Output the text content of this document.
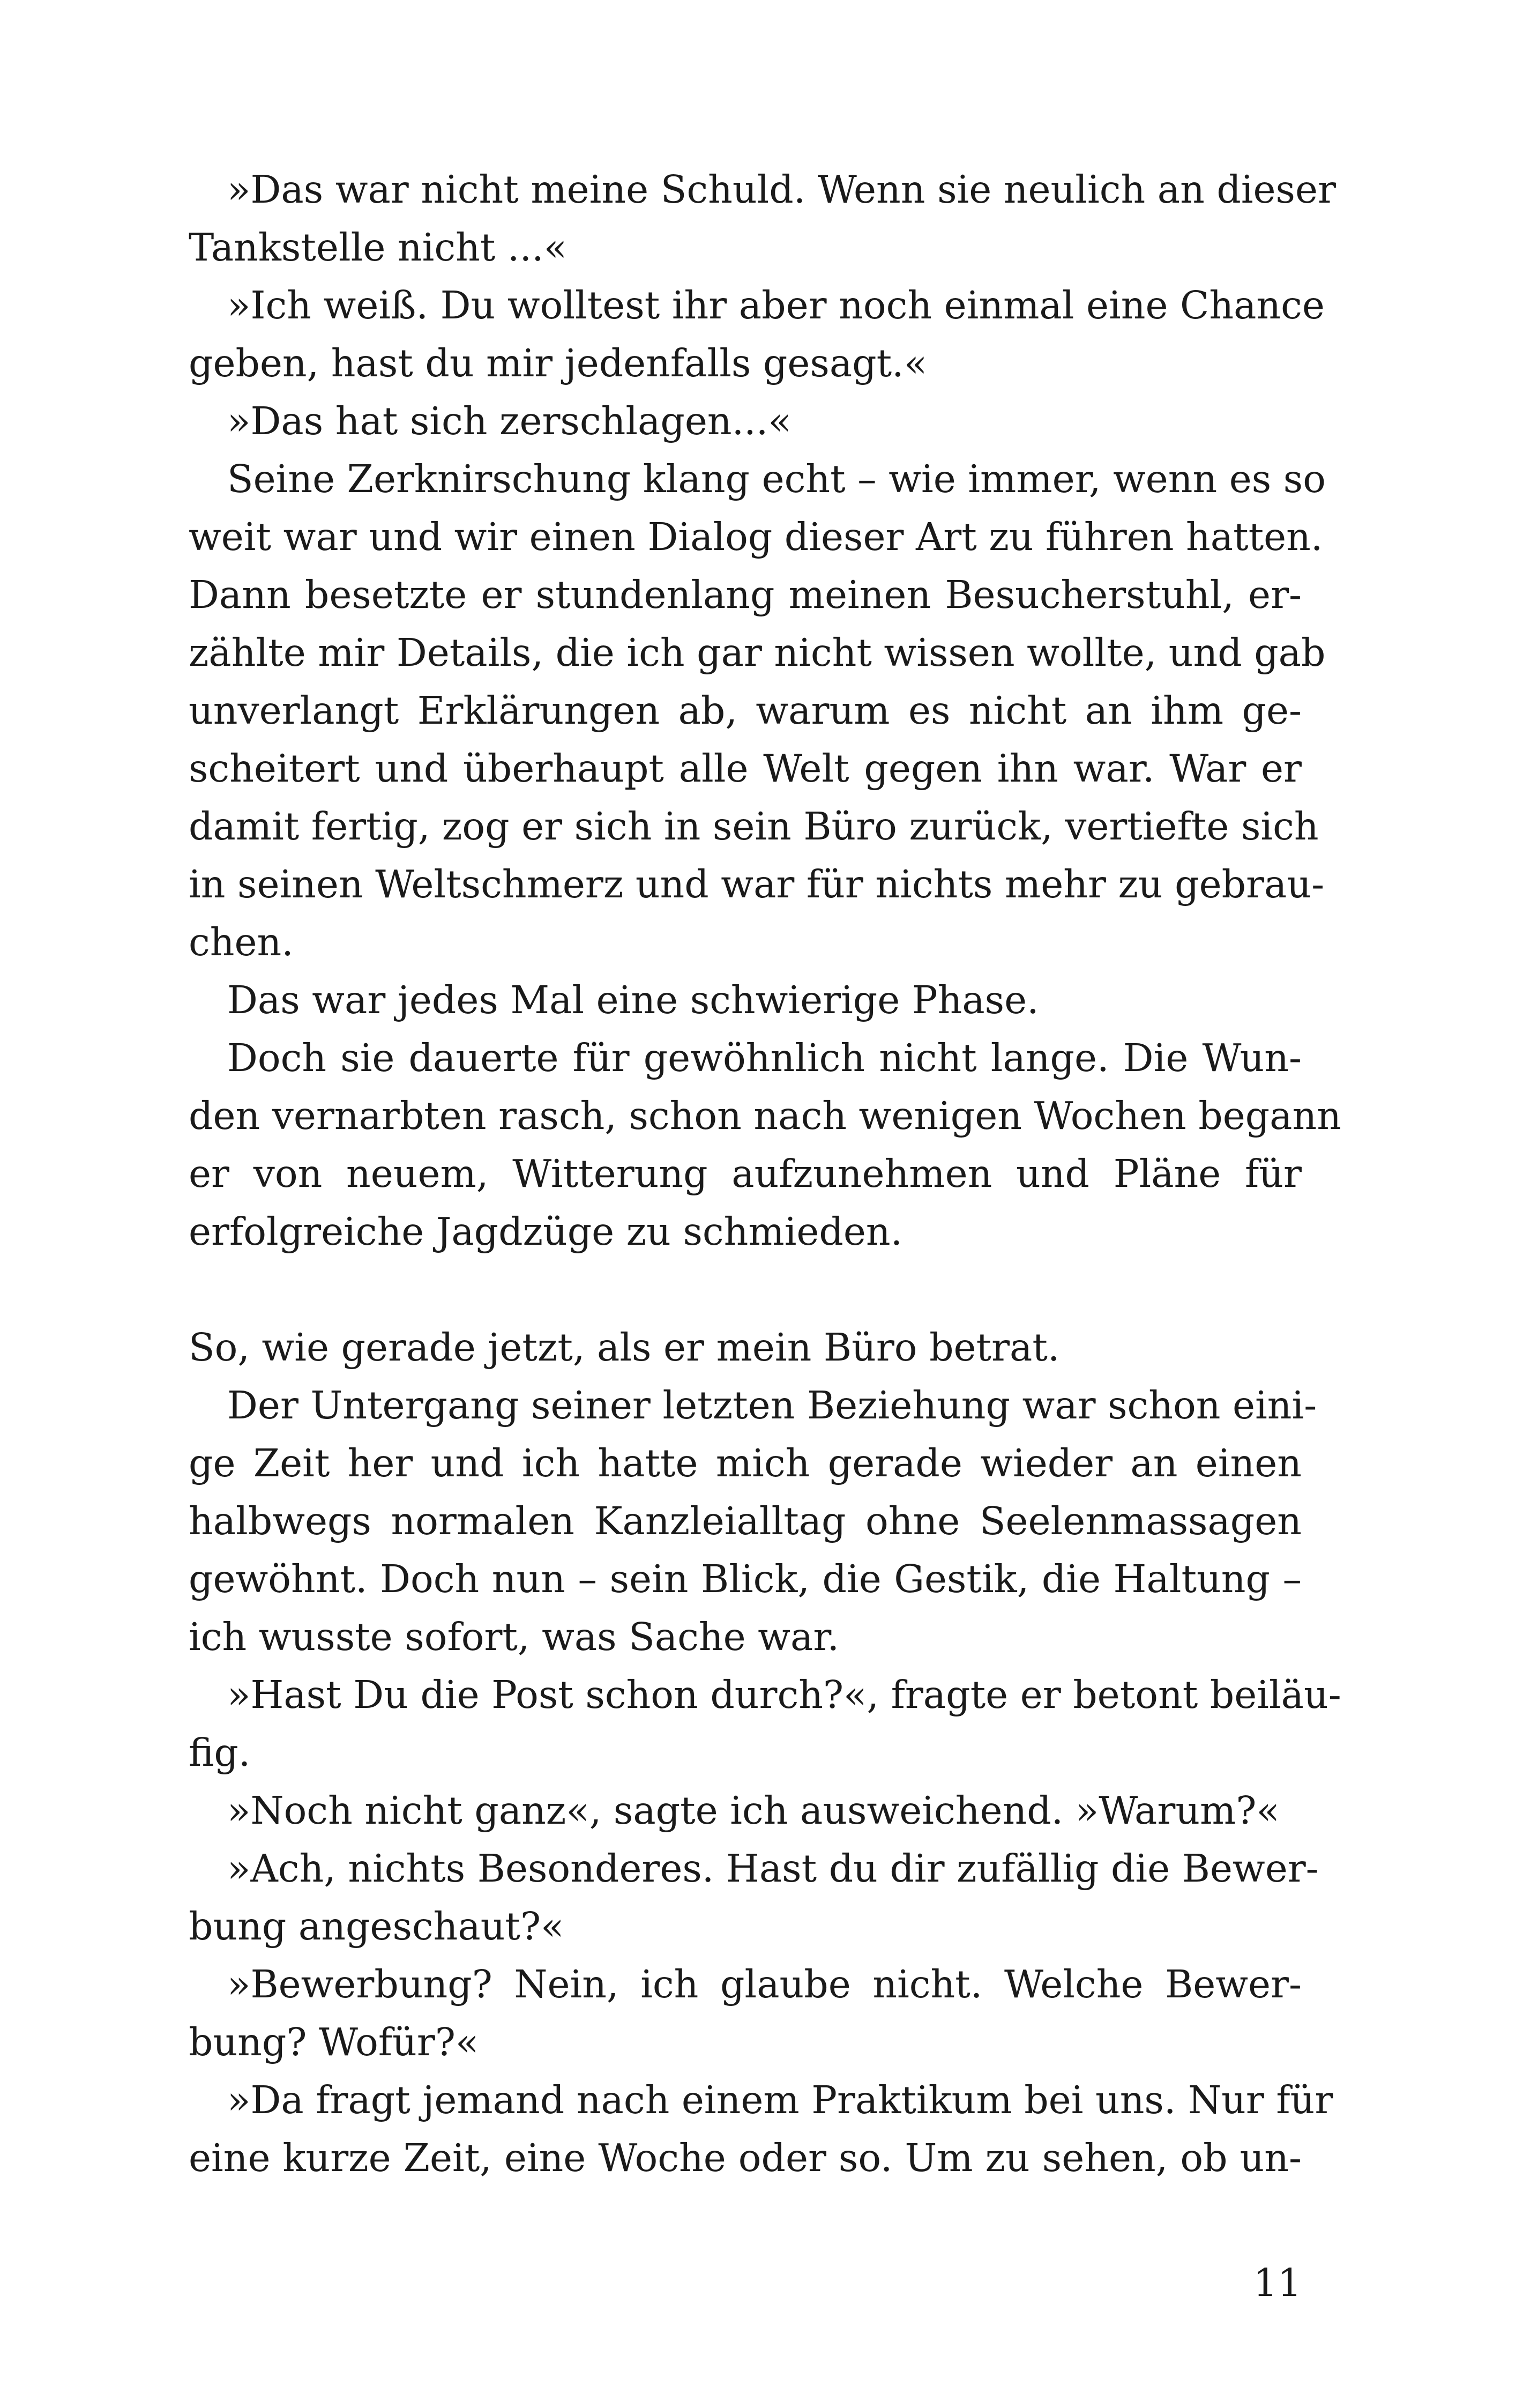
»Das war nicht meine Schuld. Wenn sie neulich an dieser
Tankstelle nicht ...«
»Ich weiß. Du wolltest ihr aber noch einmal eine Chance
geben, hast du mir jedenfalls gesagt.«
»Das hat sich zerschlagen...«
Seine Zerknirschung klang echt – wie immer, wenn es so
weit war und wir einen Dialog dieser Art zu führen hatten.
Dann besetzte er stundenlang meinen Besucherstuhl, er-
zählte mir Details, die ich gar nicht wissen wollte, und gab
unverlangt Erklärungen ab, warum es nicht an ihm ge-
scheitert und überhaupt alle Welt gegen ihn war. War er
damit fertig, zog er sich in sein Büro zurück, vertiefte sich
in seinen Weltschmerz und war für nichts mehr zu gebrau-
chen.
Das war jedes Mal eine schwierige Phase.
Doch sie dauerte für gewöhnlich nicht lange. Die Wun-
den vernarbten rasch, schon nach wenigen Wochen begann
er von neuem, Witterung aufzunehmen und Pläne für
erfolgreiche Jagdzüge zu schmieden.
So, wie gerade jetzt, als er mein Büro betrat.
Der Untergang seiner letzten Beziehung war schon eini-
ge Zeit her und ich hatte mich gerade wieder an einen
halbwegs normalen Kanzleialltag ohne Seelenmassagen
gewöhnt. Doch nun – sein Blick, die Gestik, die Haltung –
ich wusste sofort, was Sache war.
»Hast Du die Post schon durch?«, fragte er betont beiläu-
fig.
»Noch nicht ganz«, sagte ich ausweichend. »Warum?«
»Ach, nichts Besonderes. Hast du dir zufällig die Bewer-
bung angeschaut?«
»Bewerbung? Nein, ich glaube nicht. Welche Bewer-
bung? Wofür?«
»Da fragt jemand nach einem Praktikum bei uns. Nur für
eine kurze Zeit, eine Woche oder so. Um zu sehen, ob un-
11
